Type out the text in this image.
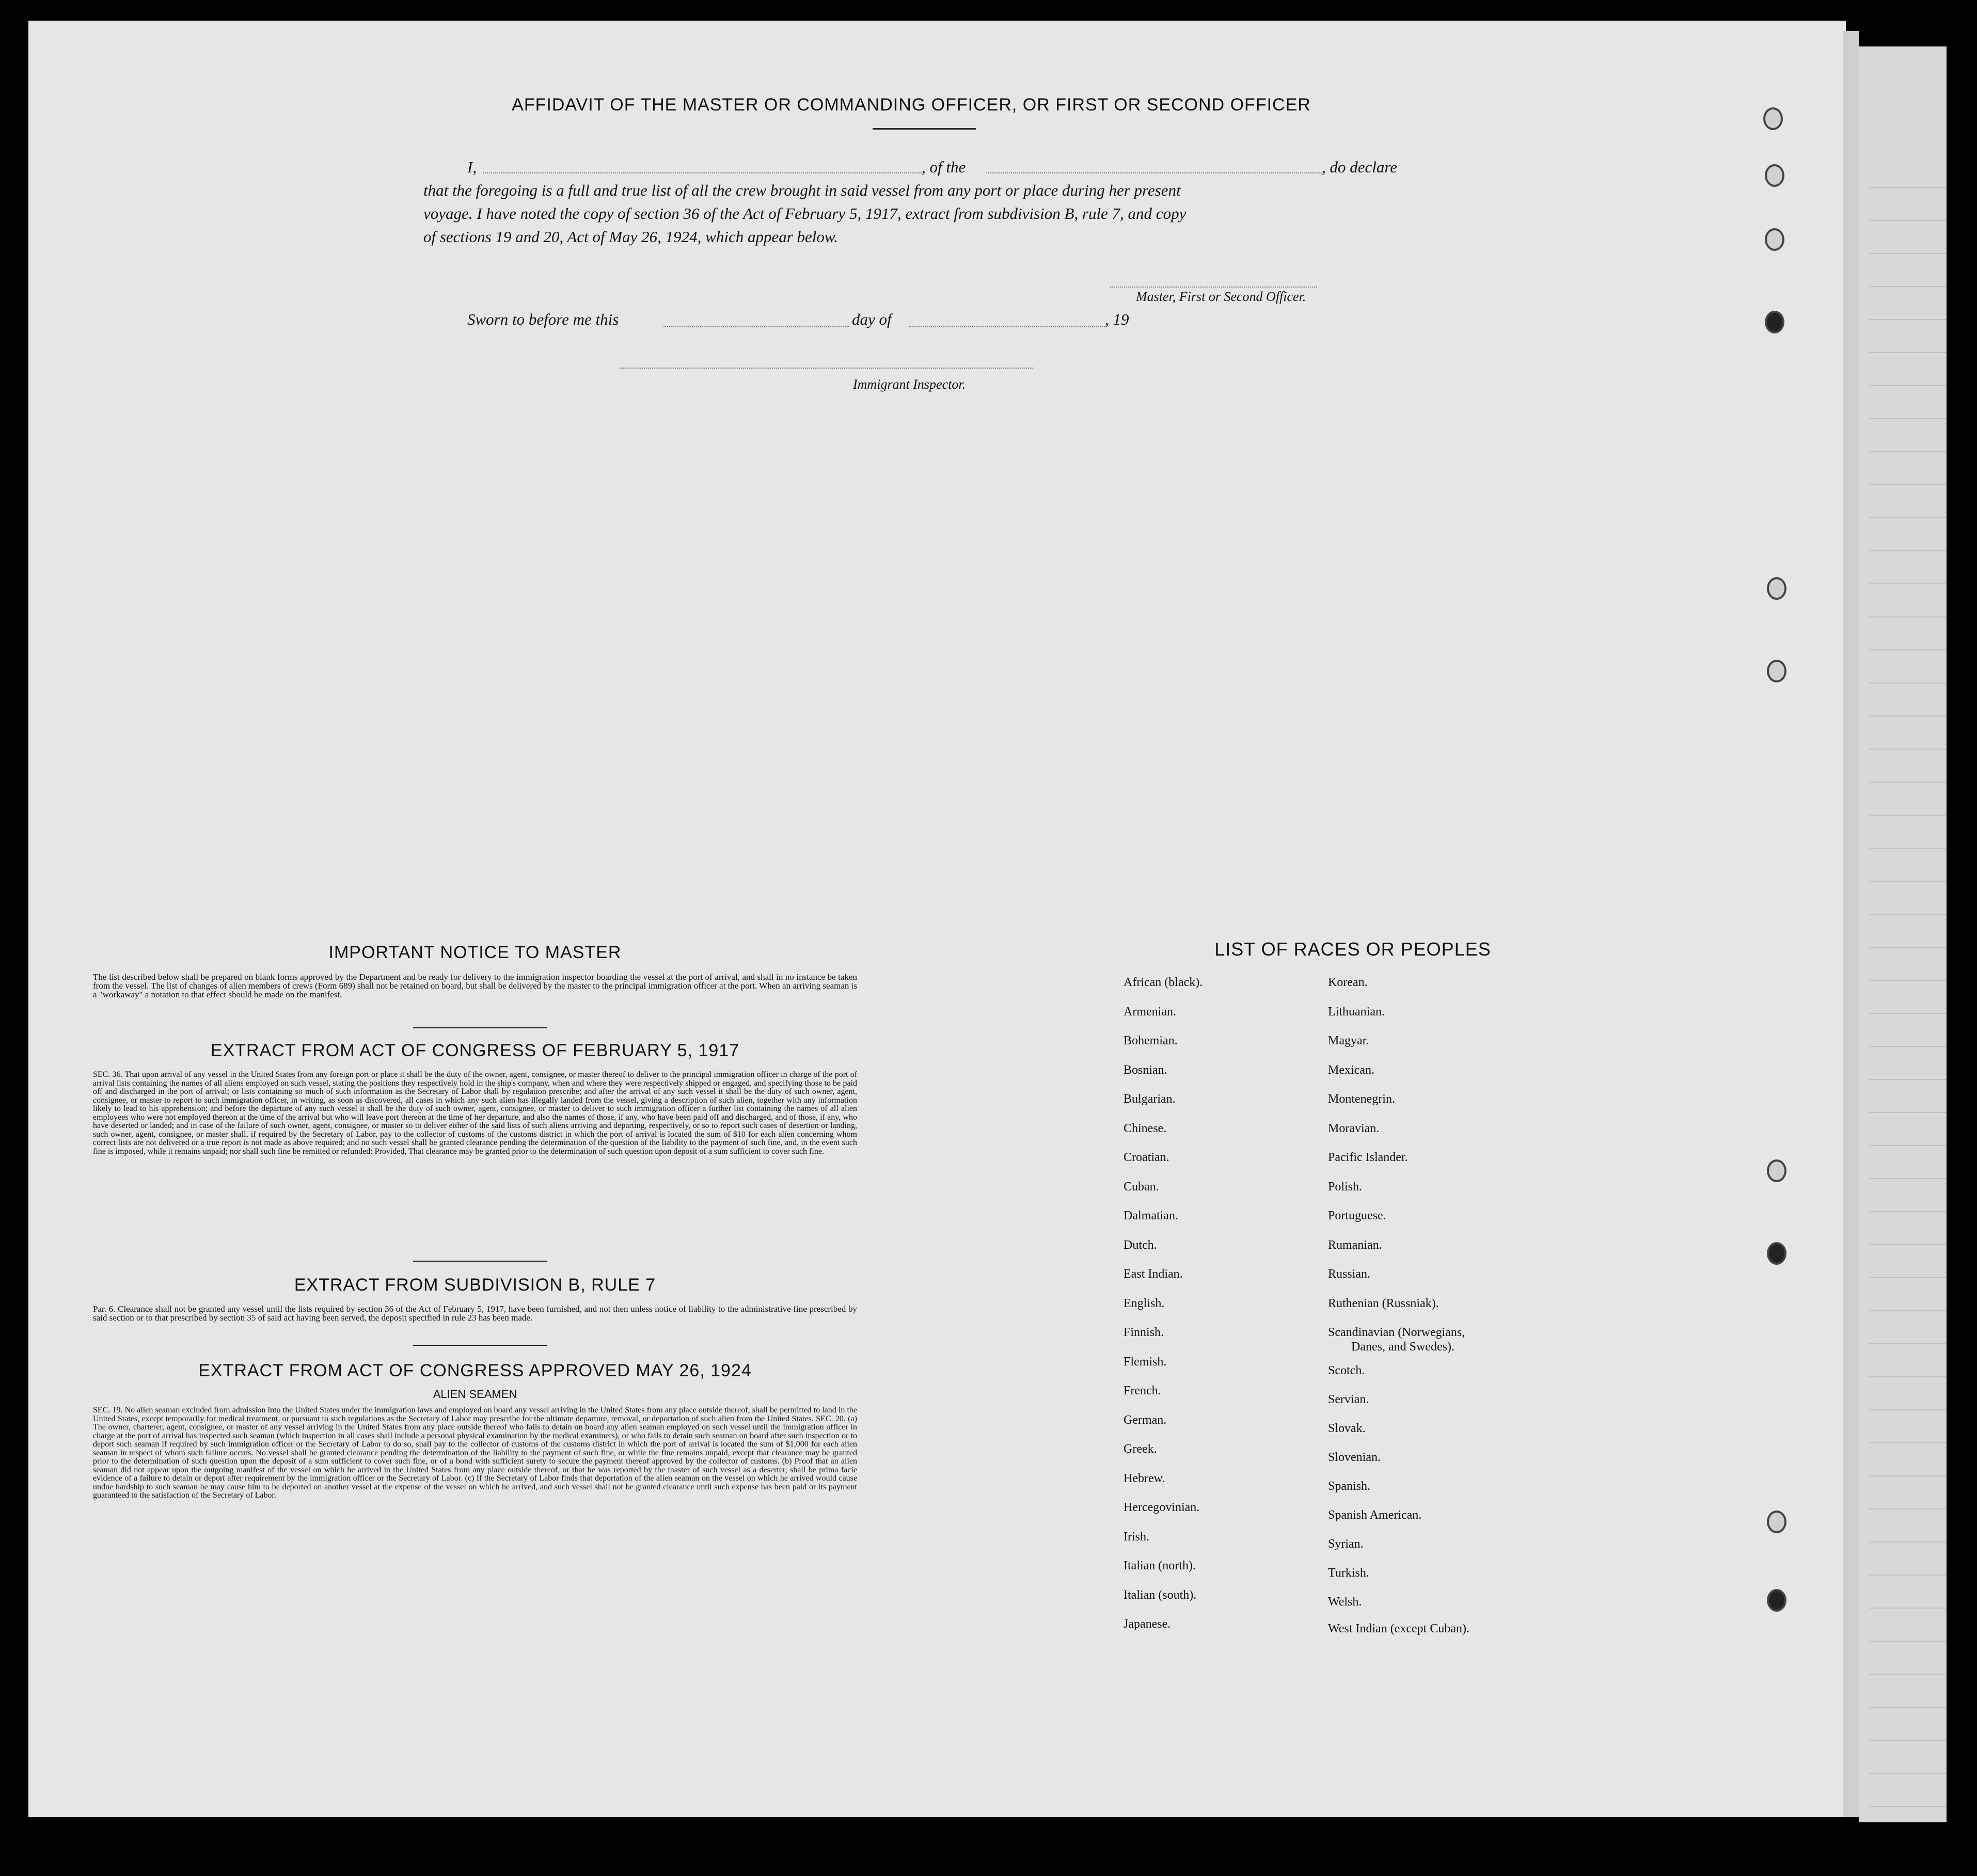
AFFIDAVIT OF THE MASTER OR COMMANDING OFFICER, OR FIRST OR SECOND OFFICER
I,	, of the	, do declare
that the foregoing is a full and true list of all the crew brought in said vessel from any port or place during her present
voyage. I have noted the copy of section 36 of the Act of February 5, 1917, extract from subdivision B, rule 7, and copy
of sections 19 and 20, Act of May 26, 1924, which appear below.
Master, First or Second Officer.
Sworn to before me this	day of	, 19
Immigrant Inspector.
IMPORTANT NOTICE TO MASTER
The list described below shall be prepared on blank forms approved by the Department and be ready for delivery to the immigration inspector boarding the vessel at the port of arrival, and shall in no instance be taken from the vessel. The list of changes of alien members of crews (Form 689) shall not be retained on board, but shall be delivered by the master to the principal immigration officer at the port. When an arriving seaman is a "workaway" a notation to that effect should be made on the manifest.
EXTRACT FROM ACT OF CONGRESS OF FEBRUARY 5, 1917
SEC. 36. That upon arrival of any vessel in the United States from any foreign port or place it shall be the duty of the owner, agent, consignee, or master thereof to deliver to the principal immigration officer in charge of the port of arrival lists containing the names of all aliens employed on such vessel, stating the positions they respectively hold in the ship's company, when and where they were respectively shipped or engaged, and specifying those to be paid off and discharged in the port of arrival; or lists containing so much of such information as the Secretary of Labor shall by regulation prescribe; and after the arrival of any such vessel it shall be the duty of such owner, agent, consignee, or master to report to such immigration officer, in writing, as soon as discovered, all cases in which any such alien has illegally landed from the vessel, giving a description of such alien, together with any information likely to lead to his apprehension; and before the departure of any such vessel it shall be the duty of such owner, agent, consignee, or master to deliver to such immigration officer a further list containing the names of all alien employees who were not employed thereon at the time of the arrival but who will leave port thereon at the time of her departure, and also the names of those, if any, who have been paid off and discharged, and of those, if any, who have deserted or landed; and in case of the failure of such owner, agent, consignee, or master so to deliver either of the said lists of such aliens arriving and departing, respectively, or so to report such cases of desertion or landing, such owner, agent, consignee, or master shall, if required by the Secretary of Labor, pay to the collector of customs of the customs district in which the port of arrival is located the sum of $10 for each alien concerning whom correct lists are not delivered or a true report is not made as above required; and no such vessel shall be granted clearance pending the determination of the question of the liability to the payment of such fine, and, in the event such fine is imposed, while it remains unpaid; nor shall such fine be remitted or refunded: Provided, That clearance may be granted prior to the determination of such question upon deposit of a sum sufficient to cover such fine.
EXTRACT FROM SUBDIVISION B, RULE 7
Par. 6. Clearance shall not be granted any vessel until the lists required by section 36 of the Act of February 5, 1917, have been furnished, and not then unless notice of liability to the administrative fine prescribed by said section or to that prescribed by section 35 of said act having been served, the deposit specified in rule 23 has been made.
EXTRACT FROM ACT OF CONGRESS APPROVED MAY 26, 1924
ALIEN SEAMEN
SEC. 19. No alien seaman excluded from admission into the United States under the immigration laws and employed on board any vessel arriving in the United States from any place outside thereof, shall be permitted to land in the United States, except temporarily for medical treatment, or pursuant to such regulations as the Secretary of Labor may prescribe for the ultimate departure, removal, or deportation of such alien from the United States. SEC. 20. (a) The owner, charterer, agent, consignee, or master of any vessel arriving in the United States from any place outside thereof who fails to detain on board any alien seaman employed on such vessel until the immigration officer in charge at the port of arrival has inspected such seaman (which inspection in all cases shall include a personal physical examination by the medical examiners), or who fails to detain such seaman on board after such inspection or to deport such seaman if required by such immigration officer or the Secretary of Labor to do so, shall pay to the collector of customs of the customs district in which the port of arrival is located the sum of $1,000 for each alien seaman in respect of whom such failure occurs. No vessel shall be granted clearance pending the determination of the liability to the payment of such fine, or while the fine remains unpaid, except that clearance may be granted prior to the determination of such question upon the deposit of a sum sufficient to cover such fine, or of a bond with sufficient surety to secure the payment thereof approved by the collector of customs. (b) Proof that an alien seaman did not appear upon the outgoing manifest of the vessel on which he arrived in the United States from any place outside thereof, or that he was reported by the master of such vessel as a deserter, shall be prima facie evidence of a failure to detain or deport after requirement by the immigration officer or the Secretary of Labor. (c) If the Secretary of Labor finds that deportation of the alien seaman on the vessel on which he arrived would cause undue hardship to such seaman he may cause him to be deported on another vessel at the expense of the vessel on which he arrived, and such vessel shall not be granted clearance until such expense has been paid or its payment guaranteed to the satisfaction of the Secretary of Labor.
LIST OF RACES OR PEOPLES
African (black).
Armenian.
Bohemian.
Bosnian.
Bulgarian.
Chinese.
Croatian.
Cuban.
Dalmatian.
Dutch.
East Indian.
English.
Finnish.
Flemish.
French.
German.
Greek.
Hebrew.
Hercegovinian.
Irish.
Italian (north).
Italian (south).
Japanese.
Korean.
Lithuanian.
Magyar.
Mexican.
Montenegrin.
Moravian.
Pacific Islander.
Polish.
Portuguese.
Rumanian.
Russian.
Ruthenian (Russniak).
Scandinavian (Norwegians,
Danes, and Swedes).
Scotch.
Servian.
Slovak.
Slovenian.
Spanish.
Spanish American.
Syrian.
Turkish.
Welsh.
West Indian (except Cuban).
